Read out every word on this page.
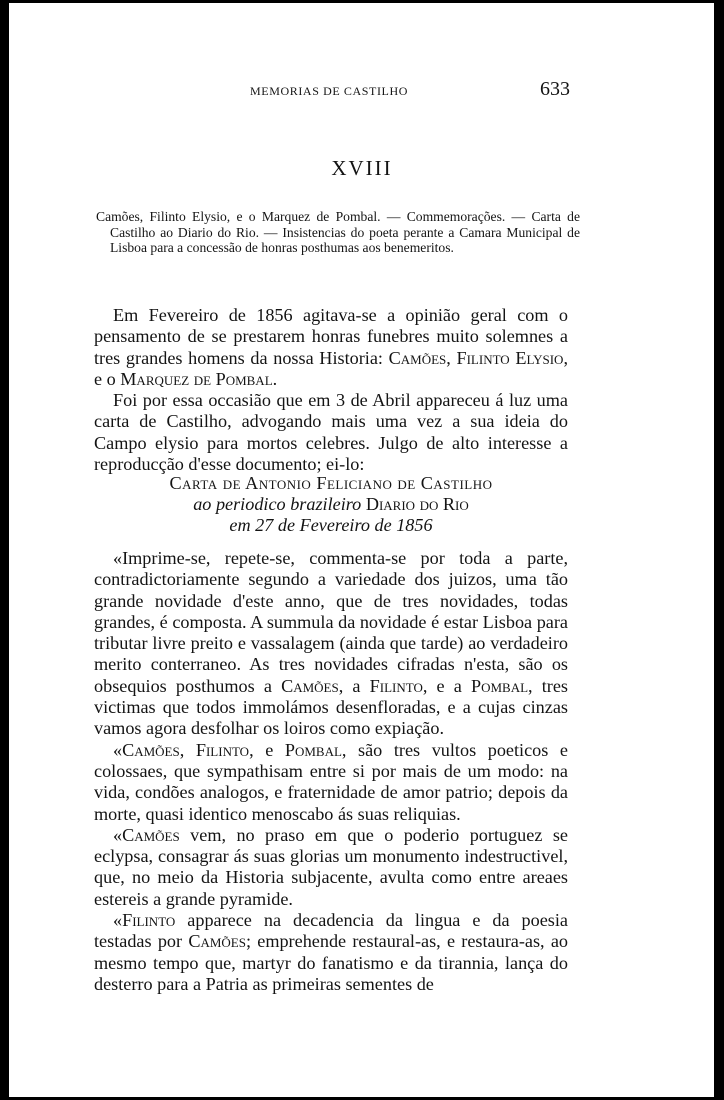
MEMORIAS DE CASTILHO	633
XVIII
Camões, Filinto Elysio, e o Marquez de Pombal. — Commemorações. — Carta de Castilho ao Diario do Rio. — Insistencias do poeta perante a Camara Municipal de Lisboa para a concessão de honras posthumas aos benemeritos.

Em Fevereiro de 1856 agitava-se a opinião geral com o pensamento de se prestarem honras funebres muito solemnes a tres grandes homens da nossa Historia: Camões, Filinto Elysio, e o Marquez de Pombal.

Foi por essa occasião que em 3 de Abril appareceu á luz uma carta de Castilho, advogando mais uma vez a sua ideia do Campo elysio para mortos celebres. Julgo de alto interesse a reproducção d'esse documento; ei-lo:

Carta de Antonio Feliciano de Castilho
ao periodico brazileiro Diario do Rio
em 27 de Fevereiro de 1856

«Imprime-se, repete-se, commenta-se por toda a parte, contradictoriamente segundo a variedade dos juizos, uma tão grande novidade d'este anno, que de tres novidades, todas grandes, é composta. A summula da novidade é estar Lisboa para tributar livre preito e vassalagem (ainda que tarde) ao verdadeiro merito conterraneo. As tres novidades cifradas n'esta, são os obsequios posthumos a Camões, a Filinto, e a Pombal, tres victimas que todos immolámos desenfloradas, e a cujas cinzas vamos agora desfolhar os loiros como expiação.

«Camões, Filinto, e Pombal, são tres vultos poeticos e colossaes, que sympathisam entre si por mais de um modo: na vida, condões analogos, e fraternidade de amor patrio; depois da morte, quasi identico menoscabo ás suas reliquias.

«Camões vem, no praso em que o poderio portuguez se eclypsa, consagrar ás suas glorias um monumento indestructivel, que, no meio da Historia subjacente, avulta como entre areaes estereis a grande pyramide.

«Filinto apparece na decadencia da lingua e da poesia testadas por Camões; emprehende restaural-as, e restaura-as, ao mesmo tempo que, martyr do fanatismo e da tirannia, lança do desterro para a Patria as primeiras sementes de
